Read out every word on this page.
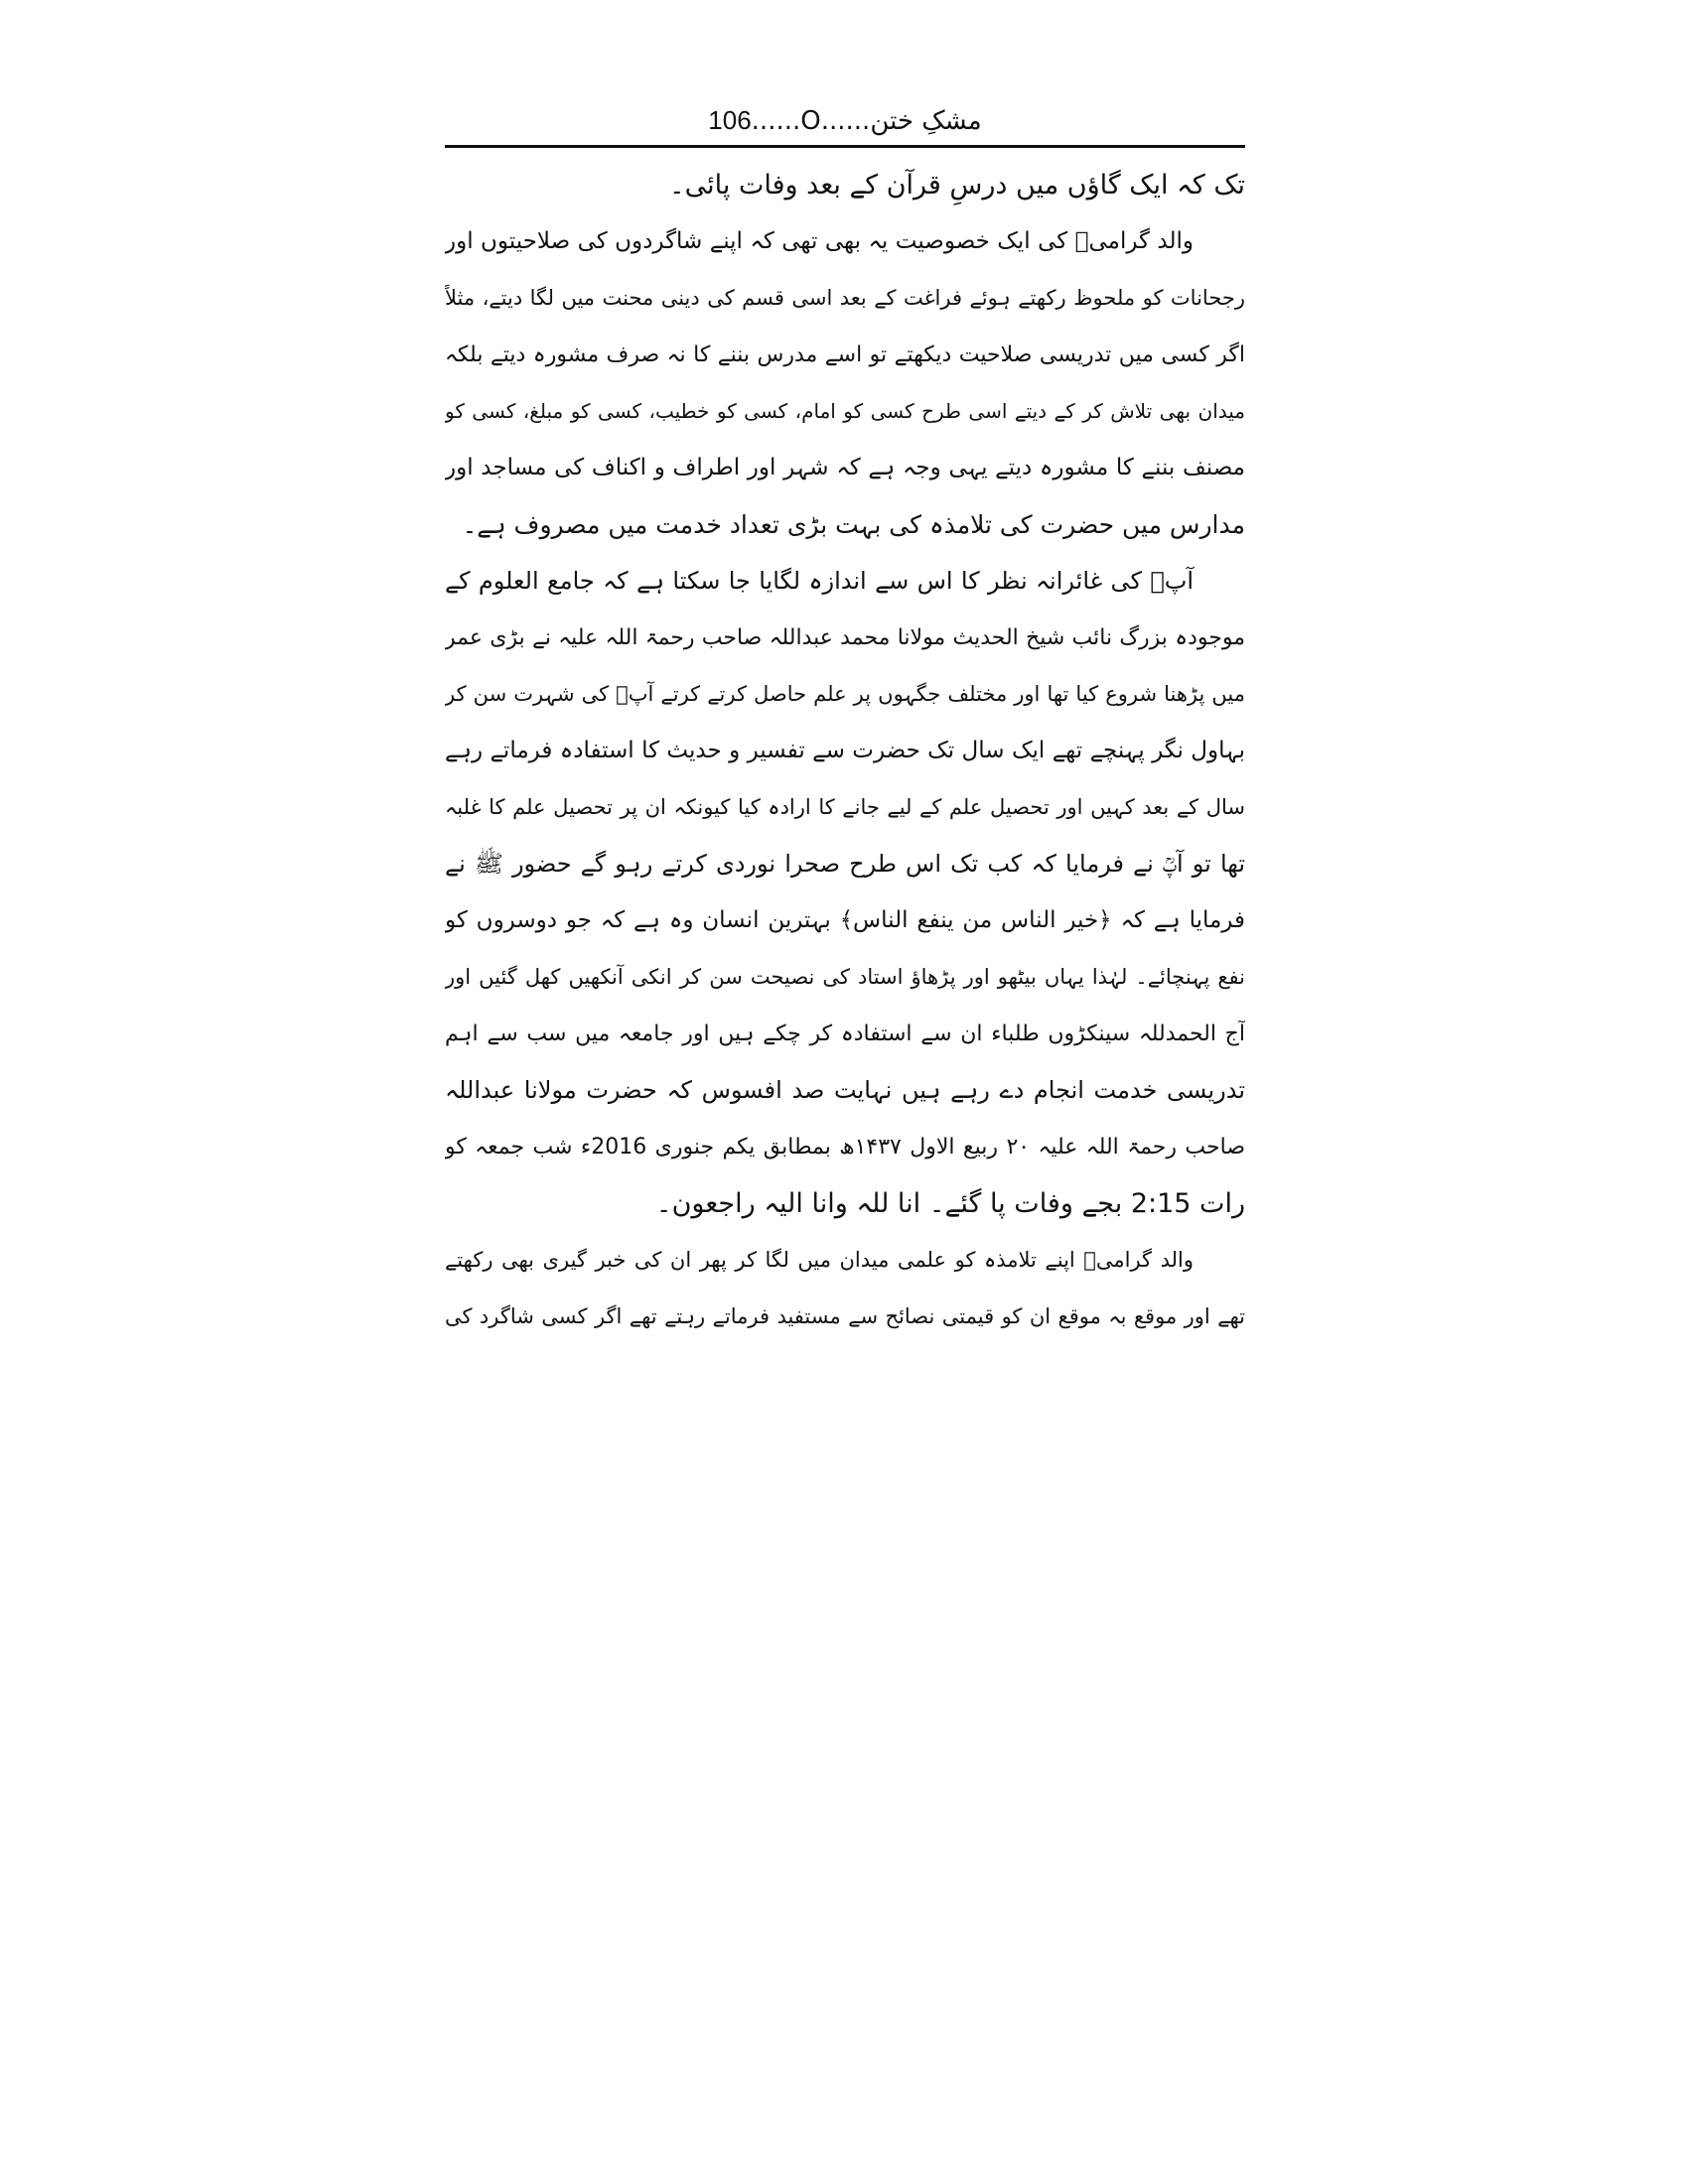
مشکِ ختن......O......106
تک کہ ایک گاؤں میں درسِ قرآن کے بعد وفات پائی۔
والد گرامیؒ کی ایک خصوصیت یہ بھی تھی کہ اپنے شاگردوں کی صلاحیتوں اور
رجحانات کو ملحوظ رکھتے ہوئے فراغت کے بعد اسی قسم کی دینی محنت میں لگا دیتے، مثلاً
اگر کسی میں تدریسی صلاحیت دیکھتے تو اسے مدرس بننے کا نہ صرف مشورہ دیتے بلکہ
میدان بھی تلاش کر کے دیتے اسی طرح کسی کو امام، کسی کو خطیب، کسی کو مبلغ، کسی کو
مصنف بننے کا مشورہ دیتے یہی وجہ ہے کہ شہر اور اطراف و اکناف کی مساجد اور
مدارس میں حضرت کی تلامذہ کی بہت بڑی تعداد خدمت میں مصروف ہے۔
آپؒ کی غائرانہ نظر کا اس سے اندازہ لگایا جا سکتا ہے کہ جامع العلوم کے
موجودہ بزرگ نائب شیخ الحدیث مولانا محمد عبداللہ صاحب رحمۃ اللہ علیہ نے بڑی عمر
میں پڑھنا شروع کیا تھا اور مختلف جگہوں پر علم حاصل کرتے کرتے آپؒ کی شہرت سن کر
بہاول نگر پہنچے تھے ایک سال تک حضرت سے تفسیر و حدیث کا استفادہ فرماتے رہے
سال کے بعد کہیں اور تحصیل علم کے لیے جانے کا ارادہ کیا کیونکہ ان پر تحصیل علم کا غلبہ
تھا تو آپؒ نے فرمایا کہ کب تک اس طرح صحرا نوردی کرتے رہو گے حضور ﷺ نے
فرمایا ہے کہ ﴿خیر الناس من ینفع الناس﴾ بہترین انسان وہ ہے کہ جو دوسروں کو
نفع پہنچائے۔ لہٰذا یہاں بیٹھو اور پڑھاؤ استاد کی نصیحت سن کر انکی آنکھیں کھل گئیں اور
آج الحمدللہ سینکڑوں طلباء ان سے استفادہ کر چکے ہیں اور جامعہ میں سب سے اہم
تدریسی خدمت انجام دے رہے ہیں نہایت صد افسوس کہ حضرت مولانا عبداللہ
صاحب رحمۃ اللہ علیہ ۲۰ ربیع الاول ۱۴۳۷ھ بمطابق یکم جنوری 2016ء شب جمعہ کو
رات 2:15 بجے وفات پا گئے۔ انا للہ وانا الیہ راجعون۔
والد گرامیؒ اپنے تلامذہ کو علمی میدان میں لگا کر پھر ان کی خبر گیری بھی رکھتے
تھے اور موقع بہ موقع ان کو قیمتی نصائح سے مستفید فرماتے رہتے تھے اگر کسی شاگرد کی
